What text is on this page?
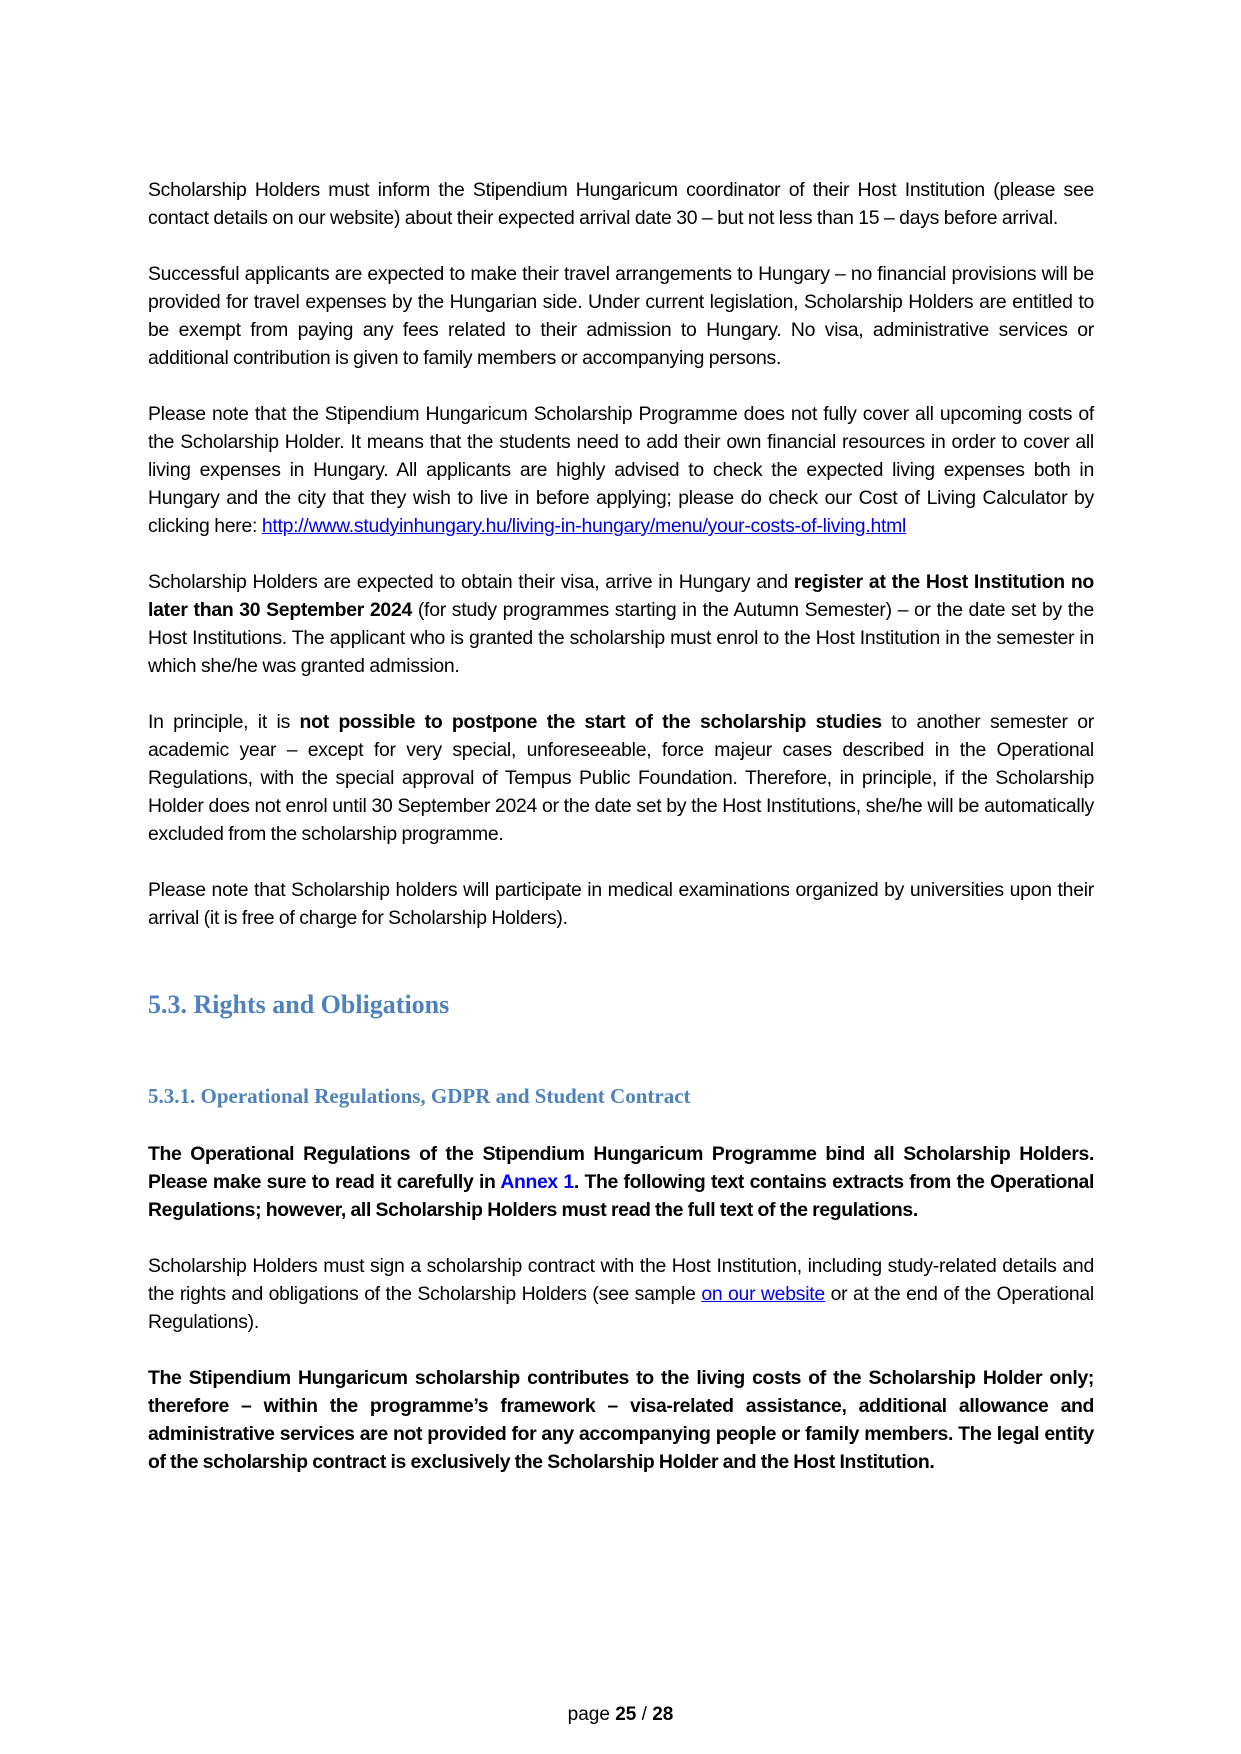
Scholarship Holders must inform the Stipendium Hungaricum coordinator of their Host Institution (please see contact details on our website) about their expected arrival date 30 – but not less than 15 – days before arrival.

Successful applicants are expected to make their travel arrangements to Hungary – no financial provisions will be provided for travel expenses by the Hungarian side. Under current legislation, Scholarship Holders are entitled to be exempt from paying any fees related to their admission to Hungary. No visa, administrative services or additional contribution is given to family members or accompanying persons.

Please note that the Stipendium Hungaricum Scholarship Programme does not fully cover all upcoming costs of the Scholarship Holder. It means that the students need to add their own financial resources in order to cover all living expenses in Hungary. All applicants are highly advised to check the expected living expenses both in Hungary and the city that they wish to live in before applying; please do check our Cost of Living Calculator by clicking here: http://www.studyinhungary.hu/living-in-hungary/menu/your-costs-of-living.html

Scholarship Holders are expected to obtain their visa, arrive in Hungary and register at the Host Institution no later than 30 September 2024 (for study programmes starting in the Autumn Semester) – or the date set by the Host Institutions. The applicant who is granted the scholarship must enrol to the Host Institution in the semester in which she/he was granted admission.

In principle, it is not possible to postpone the start of the scholarship studies to another semester or academic year – except for very special, unforeseeable, force majeur cases described in the Operational Regulations, with the special approval of Tempus Public Foundation. Therefore, in principle, if the Scholarship Holder does not enrol until 30 September 2024 or the date set by the Host Institutions, she/he will be automatically excluded from the scholarship programme.

Please note that Scholarship holders will participate in medical examinations organized by universities upon their arrival (it is free of charge for Scholarship Holders).

5.3. Rights and Obligations
5.3.1. Operational Regulations, GDPR and Student Contract

The Operational Regulations of the Stipendium Hungaricum Programme bind all Scholarship Holders. Please make sure to read it carefully in Annex 1. The following text contains extracts from the Operational Regulations; however, all Scholarship Holders must read the full text of the regulations.

Scholarship Holders must sign a scholarship contract with the Host Institution, including study-related details and the rights and obligations of the Scholarship Holders (see sample on our website or at the end of the Operational Regulations).

The Stipendium Hungaricum scholarship contributes to the living costs of the Scholarship Holder only; therefore – within the programme’s framework – visa-related assistance, additional allowance and administrative services are not provided for any accompanying people or family members. The legal entity of the scholarship contract is exclusively the Scholarship Holder and the Host Institution.

page 25 / 28
